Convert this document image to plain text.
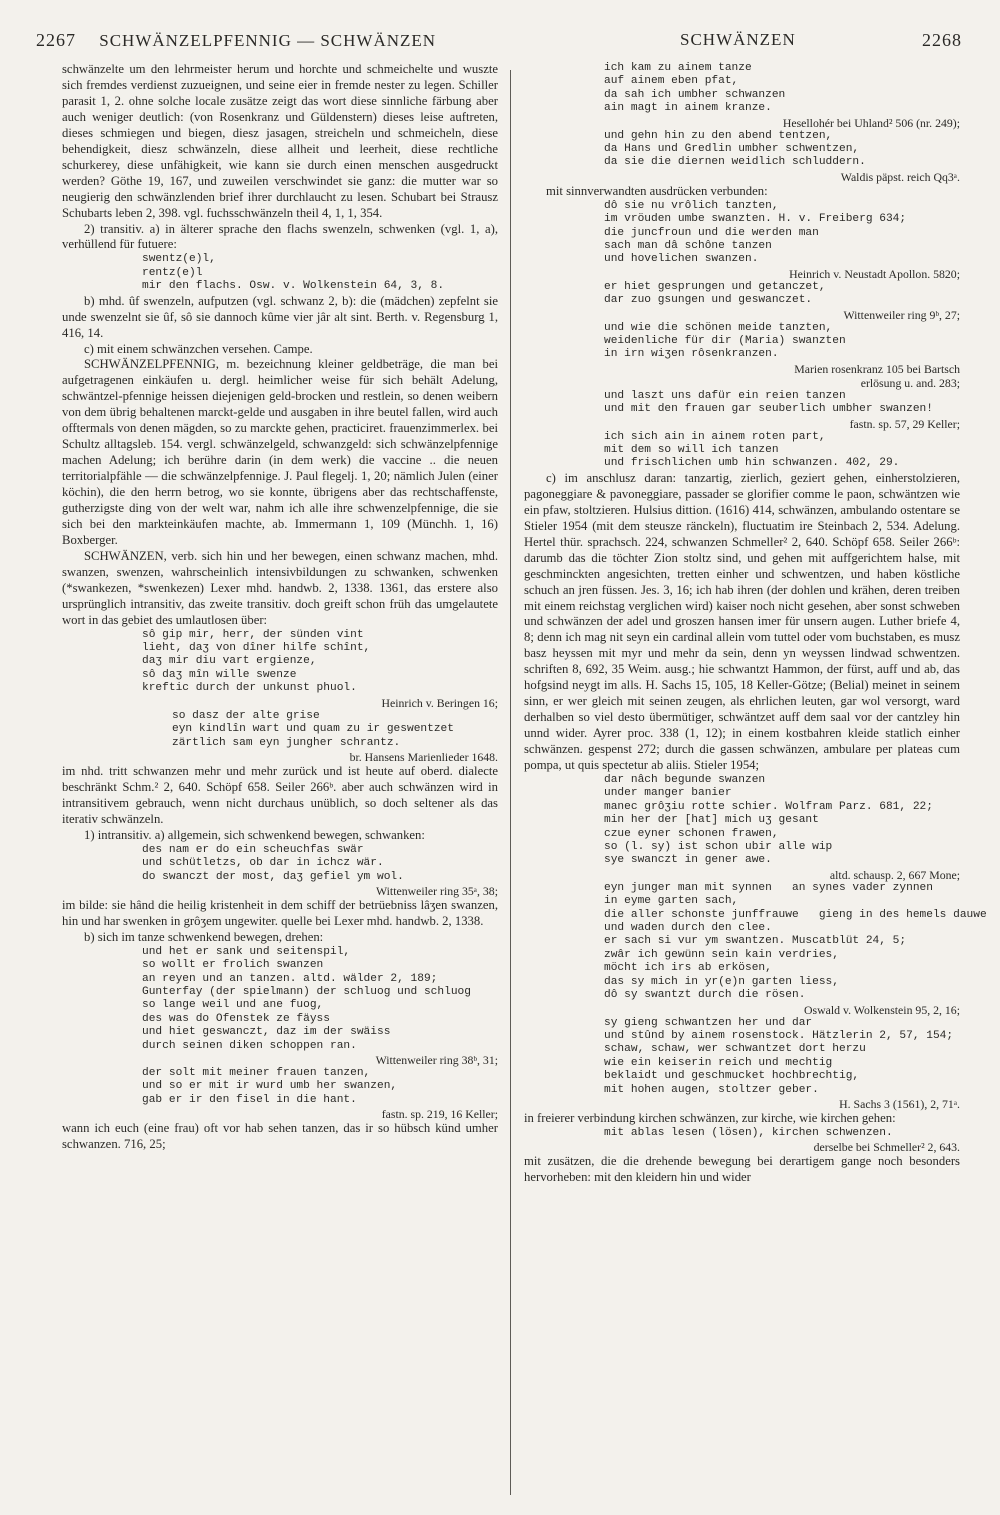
2267 SCHWÄNZELPFENNIG — SCHWÄNZEN	SCHWÄNZEN	2268

schwänzelte um den lehrmeister herum und horchte und schmeichelte und wuszte sich fremdes verdienst zuzueignen, und seine eier in fremde nester zu legen. Schiller parasit 1, 2. ohne solche locale zusätze zeigt das wort diese sinnliche färbung aber auch weniger deutlich: (von Rosenkranz und Güldenstern) dieses leise auftreten, dieses schmiegen und biegen, diesz jasagen, streicheln und schmeicheln, diese behendigkeit, diesz schwänzeln, diese allheit und leerheit, diese rechtliche schurkerey, diese unfähigkeit, wie kann sie durch einen menschen ausgedruckt werden? Göthe 19, 167, und zuweilen verschwindet sie ganz: die mutter war so neugierig den schwänzlenden brief ihrer durchlaucht zu lesen. Schubart bei Strausz Schubarts leben 2, 398. vgl. fuchsschwänzeln theil 4, 1, 1, 354.

2) transitiv. a) in älterer sprache den flachs swenzeln, schwenken (vgl. 1, a), verhüllend für futuere:

swentz(e)l,
rentz(e)l
mir den flachs. Osw. v. Wolkenstein 64, 3, 8.

b) mhd. ûf swenzeln, aufputzen (vgl. schwanz 2, b): die (mädchen) zepfelnt sie unde swenzelnt sie ûf, sô sie dannoch kûme vier jâr alt sint. Berth. v. Regensburg 1, 416, 14.

c) mit einem schwänzchen versehen. Campe.

SCHWÄNZELPFENNIG, m. bezeichnung kleiner geldbeträge, die man bei aufgetragenen einkäufen u. dergl. heimlicher weise für sich behält Adelung, schwäntzel-pfennige heissen diejenigen geld-brocken und restlein, so denen weibern von dem übrig behaltenen marckt-gelde und ausgaben in ihre beutel fallen, wird auch offtermals von denen mägden, so zu marckte gehen, practiciret. frauenzimmerlex. bei Schultz alltagsleb. 154. vergl. schwänzelgeld, schwanzgeld: sich schwänzelpfennige machen Adelung; ich berühre darin (in dem werk) die vaccine .. die neuen territorialpfähle — die schwänzelpfennige. J. Paul flegelj. 1, 20; nämlich Julen (einer köchin), die den herrn betrog, wo sie konnte, übrigens aber das rechtschaffenste, gutherzigste ding von der welt war, nahm ich alle ihre schwenzelpfennige, die sie sich bei den markteinkäufen machte, ab. Immermann 1, 109 (Münchh. 1, 16) Boxberger.

SCHWÄNZEN, verb. sich hin und her bewegen, einen schwanz machen, mhd. swanzen, swenzen, wahrscheinlich intensivbildungen zu schwanken, schwenken (*swankezen, *swenkezen) Lexer mhd. handwb. 2, 1338. 1361, das erstere also ursprünglich intransitiv, das zweite transitiv. doch greift schon früh das umgelautete wort in das gebiet des umlautlosen über:

sô gip mir, herr, der sünden vint
lieht, daʒ von dîner hilfe schînt,
daʒ mir diu vart ergienze,
sô daʒ mîn wille swenze
kreftic durch der unkunst phuol.
Heinrich v. Beringen 16;
so dasz der alte grise
eyn kindlîn wart und quam zu ir geswentzet
zärtlich sam eyn jungher schrantz.
br. Hansens Marienlieder 1648.

im nhd. tritt schwanzen mehr und mehr zurück und ist heute auf oberd. dialecte beschränkt Schm.² 2, 640. Schöpf 658. Seiler 266ᵇ. aber auch schwänzen wird in intransitivem gebrauch, wenn nicht durchaus unüblich, so doch seltener als das iterativ schwänzeln.

1) intransitiv. a) allgemein, sich schwenkend bewegen, schwanken:

des nam er do ein scheuchfas swär
und schütletzs, ob dar in ichcz wär.
do swanczt der most, daʒ gefiel ym wol.
Wittenweiler ring 35ᵃ, 38;

im bilde: sie hând die heilig kristenheit in dem schiff der betrüebniss lâʒen swanzen, hin und har swenken in grôʒem ungewiter. quelle bei Lexer mhd. handwb. 2, 1338.

b) sich im tanze schwenkend bewegen, drehen:

und het er sank und seitenspil,
so wollt er frolich swanzen
an reyen und an tanzen. altd. wälder 2, 189;
Gunterfay (der spielmann) der schluog und schluog
so lange weil und ane fuog,
des was do Ofenstek ze fäyss
und hiet geswanczt, daz im der swäiss
durch seinen diken schoppen ran.
Wittenweiler ring 38ᵇ, 31;
der solt mit meiner frauen tanzen,
und so er mit ir wurd umb her swanzen,
gab er ir den fisel in die hant.
fastn. sp. 219, 16 Keller;

wann ich euch (eine frau) oft vor hab sehen tanzen, das ir so hübsch künd umher schwanzen. 716, 25;

ich kam zu ainem tanze
auf ainem eben pfat,
da sah ich umbher schwanzen
ain magt in ainem kranze.
Hesellohér bei Uhland² 506 (nr. 249);
und gehn hin zu den abend tentzen,
da Hans und Gredlin umbher schwentzen,
da sie die diernen weidlich schluddern.
Waldis päpst. reich Qq3ᵃ.

mit sinnverwandten ausdrücken verbunden:

dô sie nu vrôlich tanzten,
im vröuden umbe swanzten. H. v. Freiberg 634;
die juncfroun und die werden man
sach man dâ schône tanzen
und hovelichen swanzen.
Heinrich v. Neustadt Apollon. 5820;
er hiet gesprungen und getanczet,
dar zuo gsungen und geswanczet.
Wittenweiler ring 9ᵇ, 27;
und wie die schönen meide tanzten,
weidenliche für dir (Maria) swanzten
in irn wiʒen rôsenkranzen.
Marien rosenkranz 105 bei Bartsch
erlösung u. and. 283;
und laszt uns dafür ein reien tanzen
und mit den frauen gar seuberlich umbher swanzen!
fastn. sp. 57, 29 Keller;
ich sich ain in ainem roten part,
mit dem so will ich tanzen
und frischlichen umb hin schwanzen. 402, 29.

c) im anschlusz daran: tanzartig, zierlich, geziert gehen, einherstolzieren, pagoneggiare & pavoneggiare, passader se glorifier comme le paon, schwäntzen wie ein pfaw, stoltzieren. Hulsius dittion. (1616) 414, schwänzen, ambulando ostentare se Stieler 1954 (mit dem steusze ränckeln), fluctuatim ire Steinbach 2, 534. Adelung. Hertel thür. sprachsch. 224, schwanzen Schmeller² 2, 640. Schöpf 658. Seiler 266ᵇ: darumb das die töchter Zion stoltz sind, und gehen mit auffgerichtem halse, mit geschminckten angesichten, tretten einher und schwentzen, und haben köstliche schuch an jren füssen. Jes. 3, 16; ich hab ihren (der dohlen und krähen, deren treiben mit einem reichstag verglichen wird) kaiser noch nicht gesehen, aber sonst schweben und schwänzen der adel und groszen hansen imer für unsern augen. Luther briefe 4, 8; denn ich mag nit seyn ein cardinal allein vom tuttel oder vom buchstaben, es musz basz heyssen mit myr und mehr da sein, denn yn weyssen lindwad schwentzen. schriften 8, 692, 35 Weim. ausg.; hie schwantzt Hammon, der fürst, auff und ab, das hofgsind neygt im alls. H. Sachs 15, 105, 18 Keller-Götze; (Belial) meinet in seinem sinn, er wer gleich mit seinen zeugen, als ehrlichen leuten, gar wol versorgt, ward derhalben so viel desto übermütiger, schwäntzet auff dem saal vor der cantzley hin unnd wider. Ayrer proc. 338 (1, 12); in einem kostbahren kleide statlich einher schwänzen. gespenst 272; durch die gassen schwänzen, ambulare per plateas cum pompa, ut quis spectetur ab aliis. Stieler 1954;

dar nâch begunde swanzen
under manger banier
manec grôʒiu rotte schier. Wolfram Parz. 681, 22;
min her der [hat] mich uʒ gesant
czue eyner schonen frawen,
so (l. sy) ist schon ubir alle wip
sye swanczt in gener awe.
altd. schausp. 2, 667 Mone;
eyn junger man mit synnen   an synes vader zynnen
in eyme garten sach,
die aller schonste junffrauwe   gieng in des hemels dauwe
und waden durch den clee.
er sach si vur ym swantzen. Muscatblüt 24, 5;
zwâr ich gewünn sein kain verdries,
möcht ich irs ab erkösen,
das sy mich in yr(e)n garten liess,
dô sy swantzt durch die rösen.
Oswald v. Wolkenstein 95, 2, 16;
sy gieng schwantzen her und dar
und stûnd by ainem rosenstock. Hätzlerin 2, 57, 154;
schaw, schaw, wer schwantzet dort herzu
wie ein keiserin reich und mechtig
beklaidt und geschmucket hochbrechtig,
mit hohen augen, stoltzer geber.
H. Sachs 3 (1561), 2, 71ᵃ.

in freierer verbindung kirchen schwänzen, zur kirche, wie kirchen gehen:

mit ablas lesen (lösen), kirchen schwenzen.
derselbe bei Schmeller² 2, 643.

mit zusätzen, die die drehende bewegung bei derartigem gange noch besonders hervorheben: mit den kleidern hin und wider
